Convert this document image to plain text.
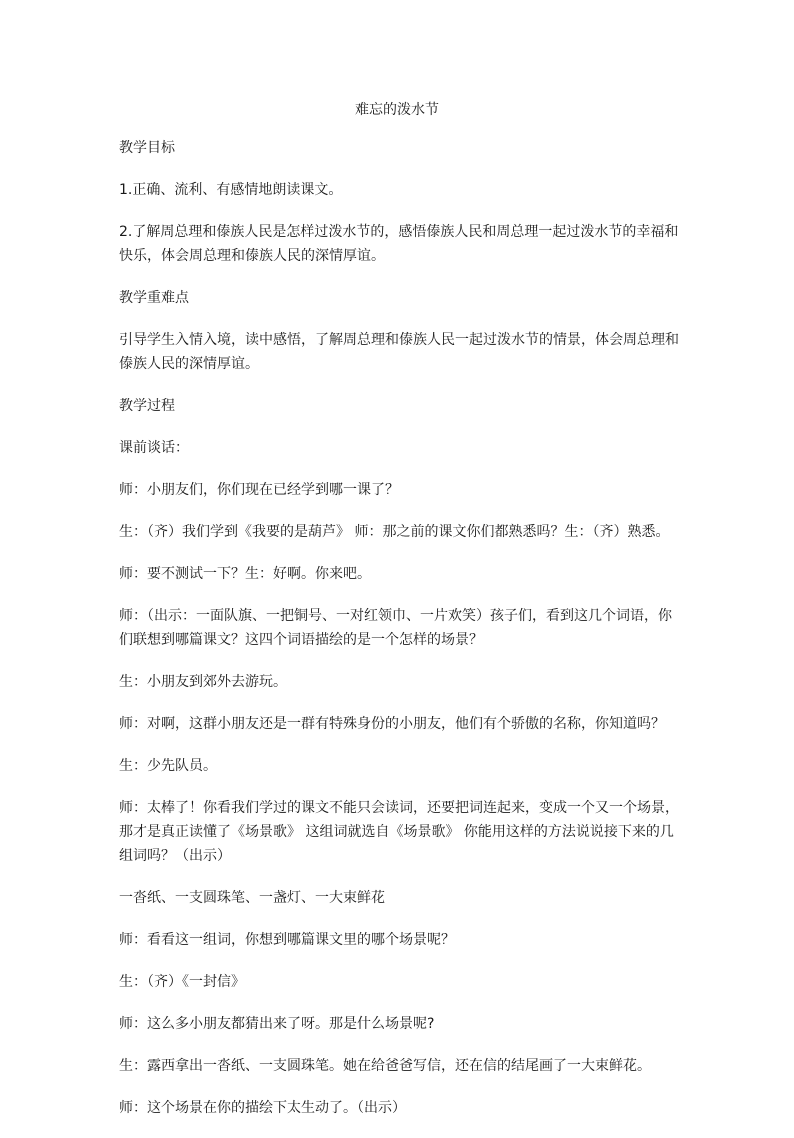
难忘的泼水节

教学目标

1.正确、流利、有感情地朗读课文。

2.了解周总理和傣族人民是怎样过泼水节的，感悟傣族人民和周总理一起过泼水节的幸福和快乐，体会周总理和傣族人民的深情厚谊。

教学重难点

引导学生入情入境，读中感悟，了解周总理和傣族人民一起过泼水节的情景，体会周总理和傣族人民的深情厚谊。

教学过程

课前谈话：

师：小朋友们，你们现在已经学到哪一课了？

生：（齐）我们学到《我要的是葫芦》 师：那之前的课文你们都熟悉吗？生：（齐）熟悉。

师：要不测试一下？生：好啊。你来吧。

师：（出示：一面队旗、一把铜号、一对红领巾、一片欢笑）孩子们，看到这几个词语，你们联想到哪篇课文？这四个词语描绘的是一个怎样的场景？

生：小朋友到郊外去游玩。

师：对啊，这群小朋友还是一群有特殊身份的小朋友，他们有个骄傲的名称，你知道吗？

生：少先队员。

师：太棒了！你看我们学过的课文不能只会读词，还要把词连起来，变成一个又一个场景，那才是真正读懂了《场景歌》 这组词就选自《场景歌》 你能用这样的方法说说接下来的几组词吗？（出示）

一沓纸、一支圆珠笔、一盏灯、一大束鲜花

师：看看这一组词，你想到哪篇课文里的哪个场景呢？

生：（齐）《一封信》

师：这么多小朋友都猜出来了呀。那是什么场景呢?

生：露西拿出一沓纸、一支圆珠笔。她在给爸爸写信，还在信的结尾画了一大束鲜花。

师：这个场景在你的描绘下太生动了。（出示）
